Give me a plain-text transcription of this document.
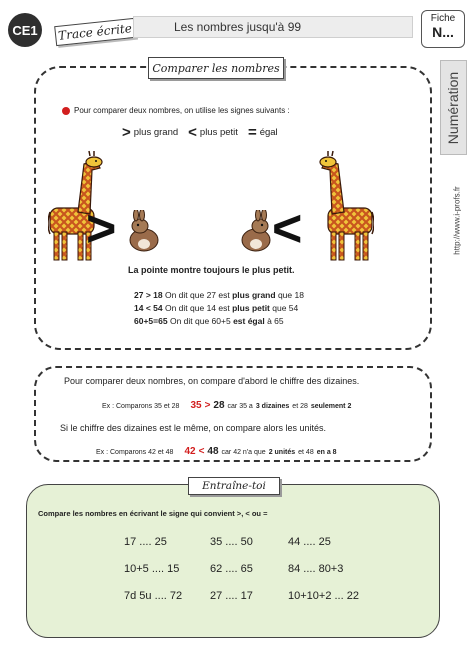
CE1	Trace écrite	Les nombres jusqu'à 99
Fiche
N...
Numération
http://www.i-profs.fr
Comparer les nombres
Pour comparer deux nombres, on utilise les signes suivants :
> plus grand < plus petit = égal
>	<
La pointe montre toujours le plus petit.
27 > 18 On dit que 27 est plus grand que 18
14 < 54 On dit que 14 est plus petit que 54
60+5=65 On dit que 60+5 est égal à 65
Pour comparer deux nombres, on compare d'abord le chiffre des dizaines.
Ex : Comparons 35 et 28 35 > 28 car 35 a 3 dizaines et 28 seulement 2
Si le chiffre des dizaines est le même, on compare alors les unités.
Ex : Comparons 42 et 48 42 < 48 car 42 n'a que 2 unités et 48 en a 8
Entraîne-toi
Compare les nombres en écrivant le signe qui convient >, < ou =
17 .... 25	35 .... 50	44 .... 25
10+5 .... 15	62 .... 65	84 .... 80+3
7d 5u .... 72	27 .... 17	10+10+2 ... 22
